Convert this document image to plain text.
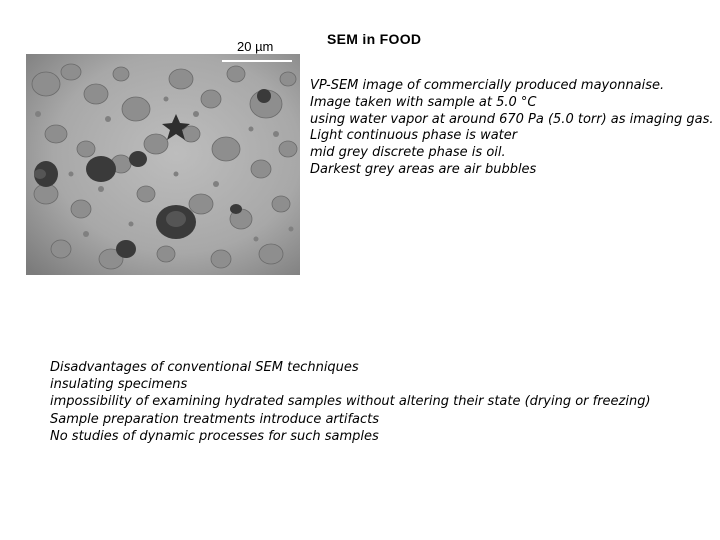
20 µm	SEM in FOOD
VP-SEM image of commercially produced mayonnaise.
Image taken with sample at 5.0 °C
using water vapor at around 670 Pa (5.0 torr) as imaging gas.
Light continuous phase is water
mid grey discrete phase is oil.
Darkest grey areas are air bubbles
Disadvantages of conventional SEM techniques
insulating specimens
impossibility of examining hydrated samples without altering their state (drying or freezing)
Sample preparation treatments introduce artifacts
No studies of dynamic processes for such samples
